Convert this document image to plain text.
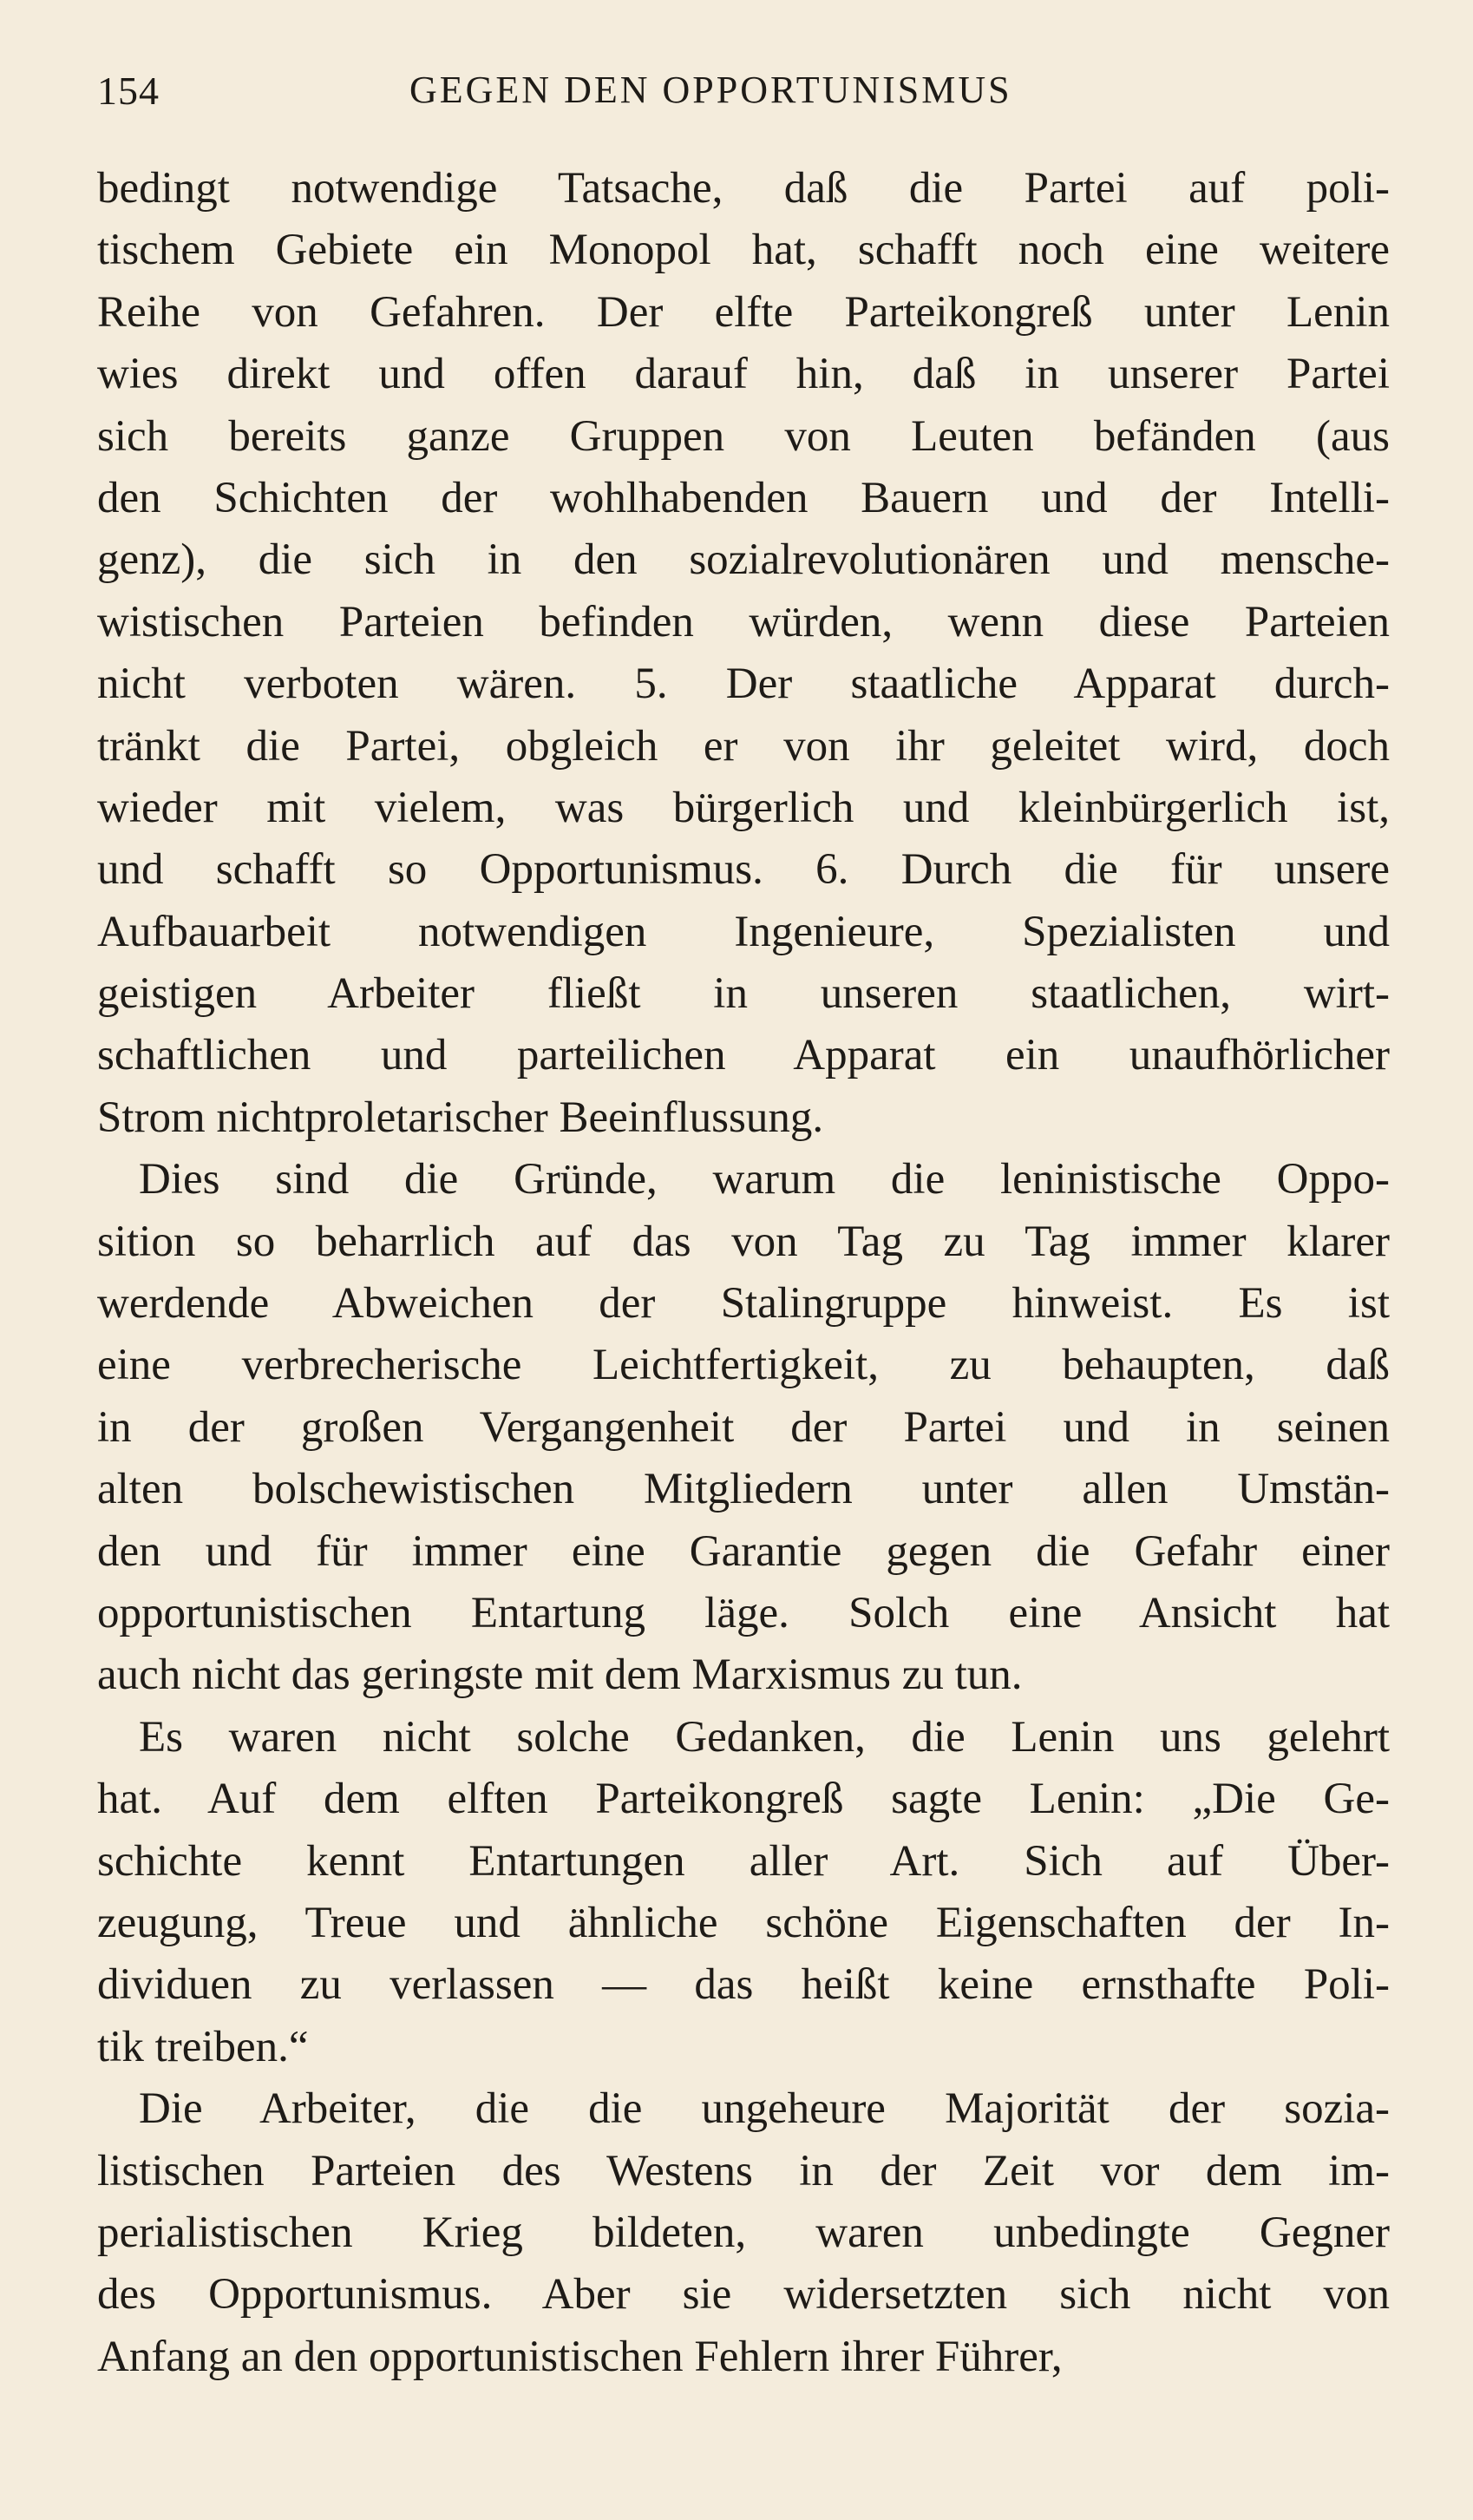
154	GEGEN DEN OPPORTUNISMUS
bedingt notwendige Tatsache, daß die Partei auf poli-
tischem Gebiete ein Monopol hat, schafft noch eine weitere
Reihe von Gefahren. Der elfte Parteikongreß unter Lenin
wies direkt und offen darauf hin, daß in unserer Partei
sich bereits ganze Gruppen von Leuten befänden (aus
den Schichten der wohlhabenden Bauern und der Intelli-
genz), die sich in den sozialrevolutionären und mensche-
wistischen Parteien befinden würden, wenn diese Parteien
nicht verboten wären. 5. Der staatliche Apparat durch-
tränkt die Partei, obgleich er von ihr geleitet wird, doch
wieder mit vielem, was bürgerlich und kleinbürgerlich ist,
und schafft so Opportunismus. 6. Durch die für unsere
Aufbauarbeit notwendigen Ingenieure, Spezialisten und
geistigen Arbeiter fließt in unseren staatlichen, wirt-
schaftlichen und parteilichen Apparat ein unaufhörlicher
Strom nichtproletarischer Beeinflussung.
Dies sind die Gründe, warum die leninistische Oppo-
sition so beharrlich auf das von Tag zu Tag immer klarer
werdende Abweichen der Stalingruppe hinweist. Es ist
eine verbrecherische Leichtfertigkeit, zu behaupten, daß
in der großen Vergangenheit der Partei und in seinen
alten bolschewistischen Mitgliedern unter allen Umstän-
den und für immer eine Garantie gegen die Gefahr einer
opportunistischen Entartung läge. Solch eine Ansicht hat
auch nicht das geringste mit dem Marxismus zu tun.
Es waren nicht solche Gedanken, die Lenin uns gelehrt
hat. Auf dem elften Parteikongreß sagte Lenin: „Die Ge-
schichte kennt Entartungen aller Art. Sich auf Über-
zeugung, Treue und ähnliche schöne Eigenschaften der In-
dividuen zu verlassen — das heißt keine ernsthafte Poli-
tik treiben.“
Die Arbeiter, die die ungeheure Majorität der sozia-
listischen Parteien des Westens in der Zeit vor dem im-
perialistischen Krieg bildeten, waren unbedingte Gegner
des Opportunismus. Aber sie widersetzten sich nicht von
Anfang an den opportunistischen Fehlern ihrer Führer,
